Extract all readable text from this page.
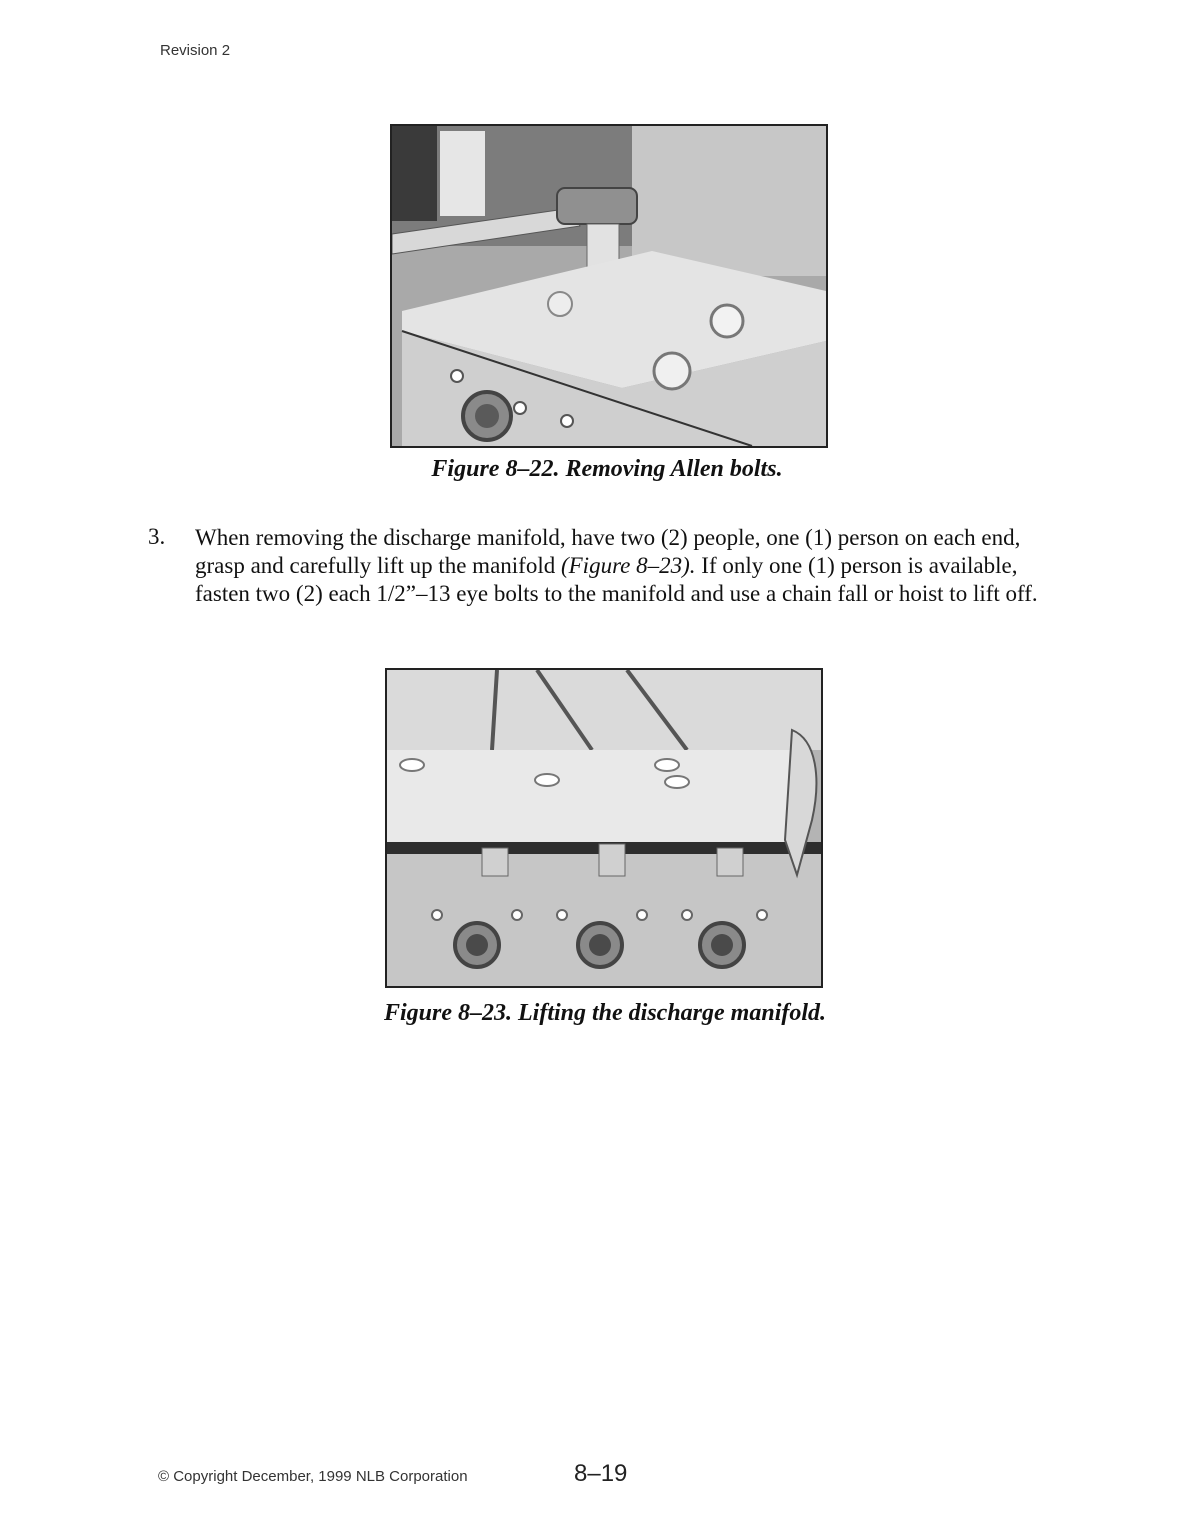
Revision 2
Figure 8–22. Removing Allen bolts.
3. When removing the discharge manifold, have two (2) people, one (1) person on each end, grasp and carefully lift up the manifold (Figure 8–23). If only one (1) person is available, fasten two (2) each 1/2”–13 eye bolts to the manifold and use a chain fall or hoist to lift off.
Figure 8–23. Lifting the discharge manifold.
© Copyright December, 1999 NLB Corporation	8–19
